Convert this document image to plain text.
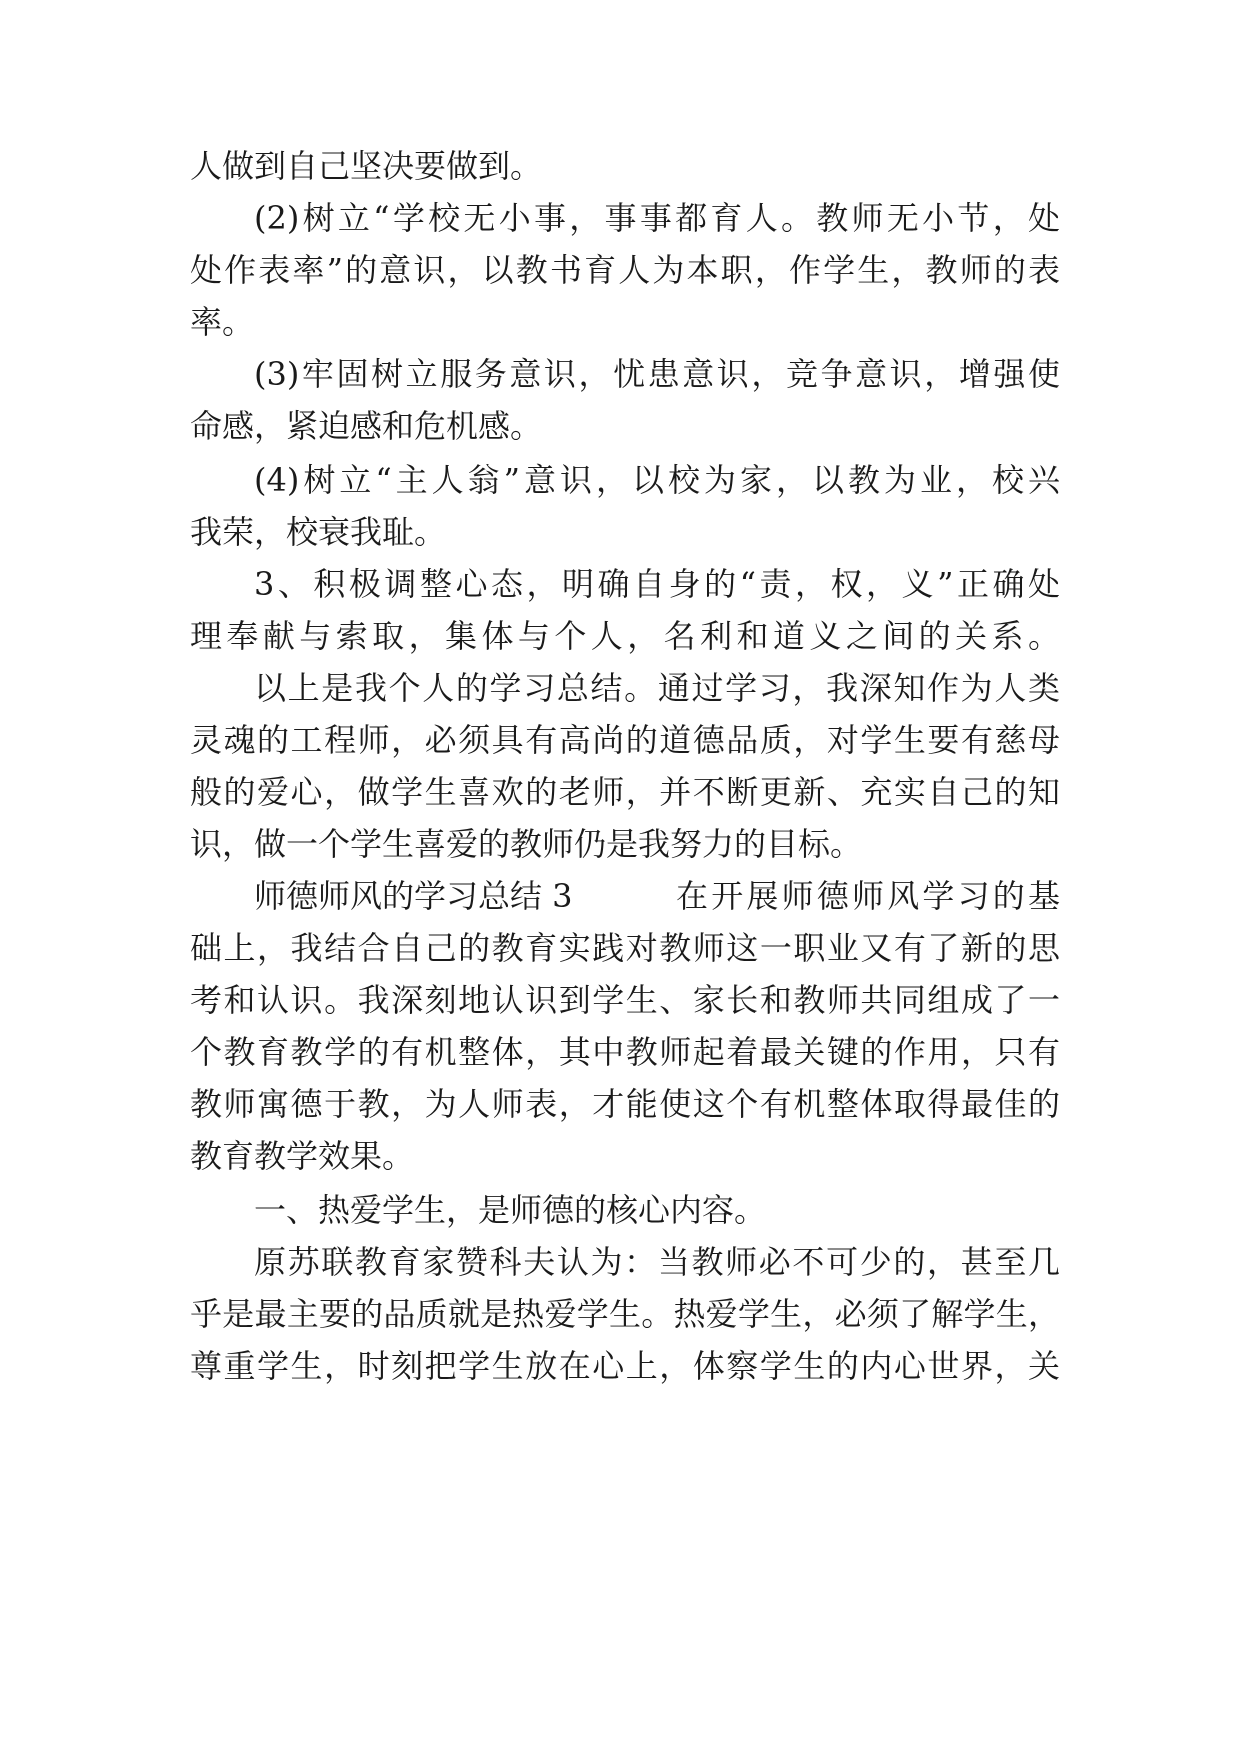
人做到自己坚决要做到。
(2)树立“学校无小事，事事都育人。教师无小节，处
处作表率”的意识，以教书育人为本职，作学生，教师的表
率。
(3)牢固树立服务意识，忧患意识，竞争意识，增强使
命感，紧迫感和危机感。
(4)树立“主人翁”意识，以校为家，以教为业，校兴
我荣，校衰我耻。
3、积极调整心态，明确自身的“责，权，义”正确处
理奉献与索取，集体与个人，名利和道义之间的关系。
以上是我个人的学习总结。通过学习，我深知作为人类
灵魂的工程师，必须具有高尚的道德品质，对学生要有慈母
般的爱心，做学生喜欢的老师，并不断更新、充实自己的知
识，做一个学生喜爱的教师仍是我努力的目标。
师德师风的学习总结 3	在开展师德师风学习的基
础上，我结合自己的教育实践对教师这一职业又有了新的思
考和认识。我深刻地认识到学生、家长和教师共同组成了一
个教育教学的有机整体，其中教师起着最关键的作用，只有
教师寓德于教，为人师表，才能使这个有机整体取得最佳的
教育教学效果。
一、热爱学生，是师德的核心内容。
原苏联教育家赞科夫认为：当教师必不可少的，甚至几
乎是最主要的品质就是热爱学生。热爱学生，必须了解学生，
尊重学生，时刻把学生放在心上，体察学生的内心世界，关
